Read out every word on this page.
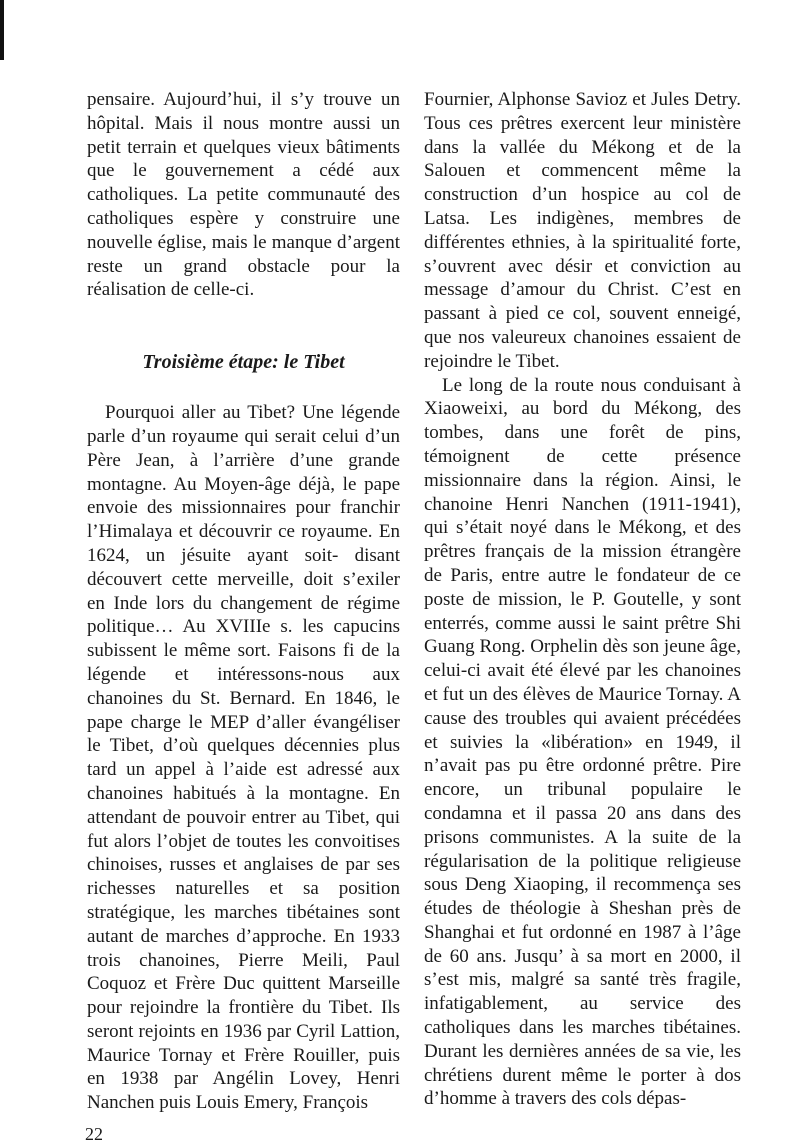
pensaire. Aujourd’hui, il s’y trouve un hôpital. Mais il nous montre aussi un petit terrain et quelques vieux bâtiments que le gouvernement a cédé aux catholiques. La petite communauté des catholiques espère y construire une nouvelle église, mais le manque d’argent reste un grand obstacle pour la réalisation de celle-ci.

Troisième étape: le Tibet

Pourquoi aller au Tibet? Une légende parle d’un royaume qui serait celui d’un Père Jean, à l’arrière d’une grande montagne. Au Moyen-âge déjà, le pape envoie des missionnaires pour franchir l’Himalaya et découvrir ce royaume. En 1624, un jésuite ayant soit- disant découvert cette merveille, doit s’exiler en Inde lors du changement de régime politique… Au XVIIIe s. les capucins subissent le même sort. Faisons fi de la légende et intéressons-nous aux chanoines du St. Bernard. En 1846, le pape charge le MEP d’aller évangéliser le Tibet, d’où quelques décennies plus tard un appel à l’aide est adressé aux chanoines habitués à la montagne. En attendant de pouvoir entrer au Tibet, qui fut alors l’objet de toutes les convoitises chinoises, russes et anglaises de par ses richesses naturelles et sa position stratégique, les marches tibétaines sont autant de marches d’approche. En 1933 trois chanoines, Pierre Meili, Paul Coquoz et Frère Duc quittent Marseille pour rejoindre la frontière du Tibet. Ils seront rejoints en 1936 par Cyril Lattion, Maurice Tornay et Frère Rouiller, puis en 1938 par Angélin Lovey, Henri Nanchen puis Louis Emery, François

Fournier, Alphonse Savioz et Jules Detry. Tous ces prêtres exercent leur ministère dans la vallée du Mékong et de la Salouen et commencent même la construction d’un hospice au col de Latsa. Les indigènes, membres de différentes ethnies, à la spiritualité forte, s’ouvrent avec désir et conviction au message d’amour du Christ. C’est en passant à pied ce col, souvent enneigé, que nos valeureux chanoines essaient de rejoindre le Tibet.

Le long de la route nous conduisant à Xiaoweixi, au bord du Mékong, des tombes, dans une forêt de pins, témoignent de cette présence missionnaire dans la région. Ainsi, le chanoine Henri Nanchen (1911-1941), qui s’était noyé dans le Mékong, et des prêtres français de la mission étrangère de Paris, entre autre le fondateur de ce poste de mission, le P. Goutelle, y sont enterrés, comme aussi le saint prêtre Shi Guang Rong. Orphelin dès son jeune âge, celui-ci avait été élevé par les chanoines et fut un des élèves de Maurice Tornay. A cause des troubles qui avaient précédées et suivies la «libération» en 1949, il n’avait pas pu être ordonné prêtre. Pire encore, un tribunal populaire le condamna et il passa 20 ans dans des prisons communistes. A la suite de la régularisation de la politique religieuse sous Deng Xiaoping, il recommença ses études de théologie à Sheshan près de Shanghai et fut ordonné en 1987 à l’âge de 60 ans. Jusqu’ à sa mort en 2000, il s’est mis, malgré sa santé très fragile, infatigablement, au service des catholiques dans les marches tibétaines. Durant les dernières années de sa vie, les chrétiens durent même le porter à dos d’homme à travers des cols dépas-

22
